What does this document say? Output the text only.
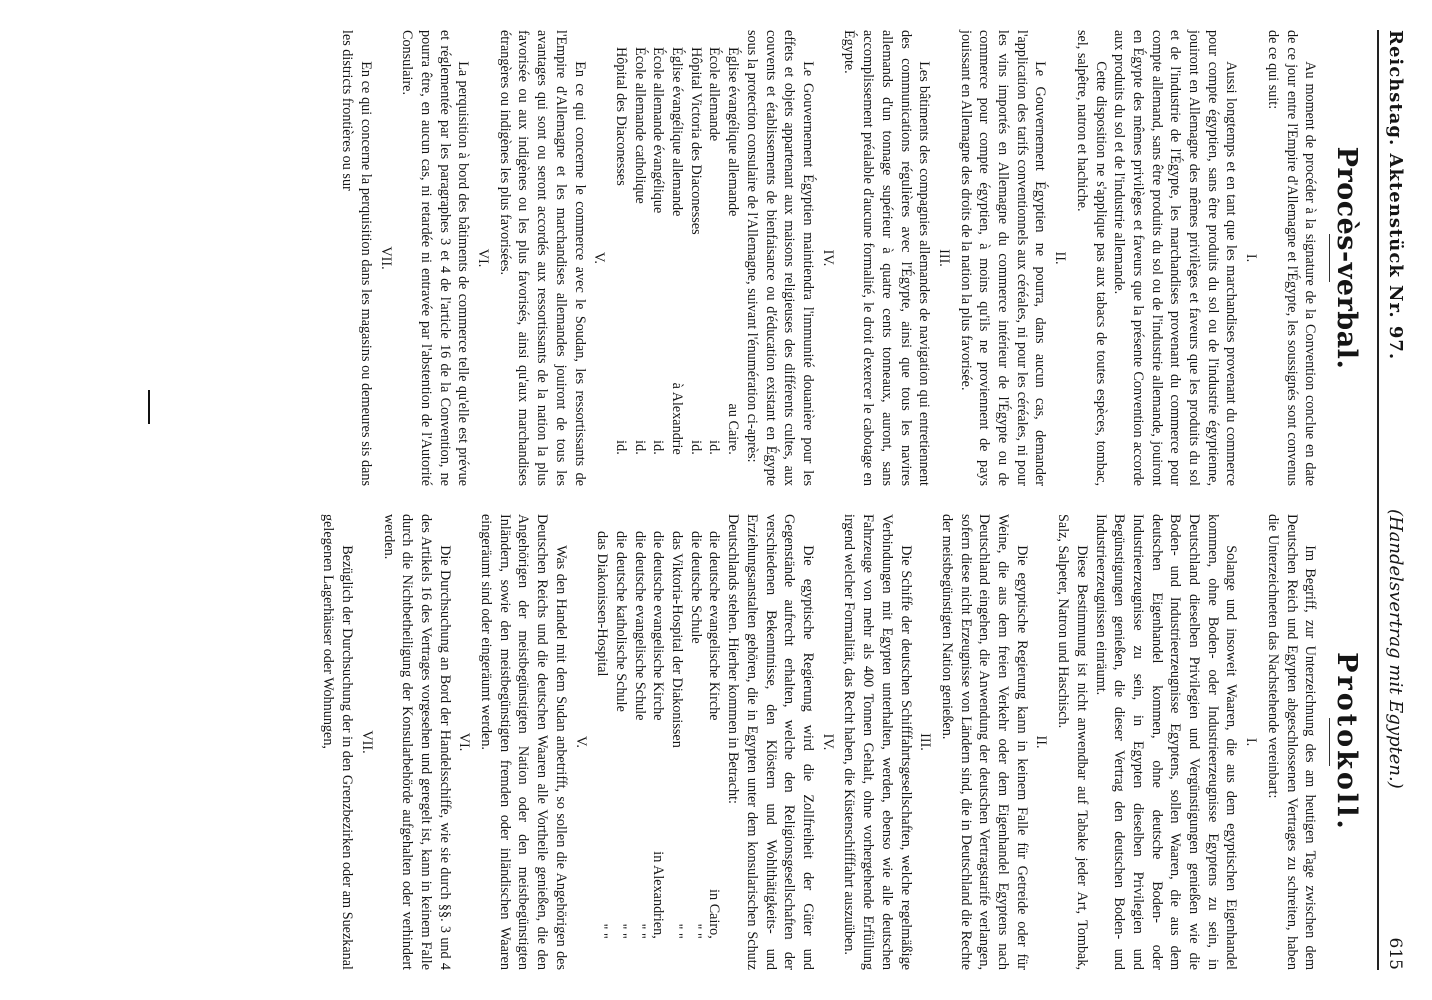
Reichstag. Aktenstück Nr. 97.
(Handelsvertrag mit Egypten.)
615
Procès-verbal.

Au moment de procéder à la signature de la Convention conclue en date de ce jour entre l'Empire d'Allemagne et l'Égypte, les soussignés sont convenus de ce qui suit:

I.

Aussi longtemps et en tant que les marchandises provenant du commerce pour compte égyptien, sans être produits du sol ou de l'industrie égyptienne, jouiront en Allemagne des mêmes privilèges et faveurs que les produits du sol et de l'industrie de l'Égypte, les marchandises provenant du commerce pour compte allemand, sans être produits du sol ou de l'industrie allemande, jouiront en Égypte des mêmes privilèges et faveurs que la présente Convention accorde aux produits du sol et de l'industrie allemande.

Cette disposition ne s'applique pas aux tabacs de toutes espèces, tombac, sel, salpêtre, natron et hachiche.

II.

Le Gouvernement Égyptien ne pourra, dans aucun cas, demander l'application des tarifs conventionnels aux céréales, ni pour les céréales, ni pour les vins importés en Allemagne du commerce intérieur de l'Égypte ou de commerce pour compte égyptien, à moins qu'ils ne proviennent de pays jouissant en Allemagne des droits de la nation la plus favorisée.

III.

Les bâtiments des compagnies allemandes de navigation qui entretiennent des communications régulières avec l'Égypte, ainsi que tous les navires allemands d'un tonnage supérieur à quatre cents tonneaux, auront, sans accomplissement préalable d'aucune formalité, le droit d'exercer le cabotage en Égypte.

IV.

Le Gouvernement Égyptien maintiendra l'immunité douanière pour les effets et objets appartenant aux maisons religieuses des différents cultes, aux couvents et établissements de bienfaisance ou d'éducation existant en Égypte sous la protection consulaire de l'Allemagne, suivant l'énumération ci-après:

Église évangélique allemande
au Caire.
École allemande
id.
Hôpital Victoria des Diaconesses
id.
Église évangélique allemande
à Alexandrie
École allemande évangélique
id.
École allemande catholique
id.
Hôpital des Diaconesses
id.
V.

En ce qui concerne le commerce avec le Soudan, les ressortissants de l'Empire d'Allemagne et les marchandises allemandes jouiront de tous les avantages qui sont ou seront accordés aux ressortissants de la nation la plus favorisée ou aux indigènes ou les plus favorisés, ainsi qu'aux marchandises étrangères ou indigènes les plus favorisées.

VI.

La perquisition à bord des bâtiments de commerce telle qu'elle est prévue et réglementée par les paragraphes 3 et 4 de l'article 16 de la Convention, ne pourra être, en aucun cas, ni retardée ni entravée par l'abstention de l'Autorité Consulaire.

VII.

En ce qui concerne la perquisition dans les magasins ou demeures sis dans les districts frontières ou sur

Protokoll.

Im Begriff, zur Unterzeichnung des am heutigen Tage zwischen dem Deutschen Reich und Egypten abgeschlossenen Vertrages zu schreiten, haben die Unterzeichneten das Nachstehende vereinbart:

I.

Solange und insoweit Waaren, die aus dem egyptischen Eigenhandel kommen, ohne Boden- oder Industrieerzeugnisse Egyptens zu sein, in Deutschland dieselben Privilegien und Vergünstigungen genießen wie die Boden- und Industrieerzeugnisse Egyptens, sollen Waaren, die aus dem deutschen Eigenhandel kommen, ohne deutsche Boden- oder Industrieerzeugnisse zu sein, in Egypten dieselben Privilegien und Begünstigungen genießen, die dieser Vertrag den deutschen Boden- und Industrieerzeugnissen einräumt.

Diese Bestimmung ist nicht anwendbar auf Tabake jeder Art, Tombak, Salz, Salpeter, Natron und Haschisch.

II.

Die egyptische Regierung kann in keinem Falle für Getreide oder für Weine, die aus dem freien Verkehr oder dem Eigenhandel Egyptens nach Deutschland eingehen, die Anwendung der deutschen Vertragstarife verlangen, sofern diese nicht Erzeugnisse von Ländern sind, die in Deutschland die Rechte der meistbegünstigten Nation genießen.

III.

Die Schiffe der deutschen Schifffahrtsgesellschaften, welche regelmäßige Verbindungen mit Egypten unterhalten, werden, ebenso wie alle deutschen Fahrzeuge von mehr als 400 Tonnen Gehalt, ohne vorhergehende Erfüllung irgend welcher Formalität, das Recht haben, die Küstenschifffahrt auszuüben.

IV.

Die egyptische Regierung wird die Zollfreiheit der Güter und Gegenstände aufrecht erhalten, welche den Religionsgesellschaften der verschiedenen Bekenntnisse, den Klöstern und Wohlthätigkeits- und Erziehungsanstalten gehören, die in Egypten unter dem konsularischen Schutz Deutschlands stehen. Hierher kommen in Betracht:

die deutsche evangelische Kirche
in Cairo,
die deutsche Schule
" "
das Viktoria-Hospital der Diakonissen
" "
die deutsche evangelische Kirche
in Alexandrien,
die deutsche evangelische Schule
" "
die deutsche katholische Schule
" "
das Diakonissen-Hospital
" "
V.

Was den Handel mit dem Sudan anbetrifft, so sollen die Angehörigen des Deutschen Reichs und die deutschen Waaren alle Vortheile genießen, die den Angehörigen der meistbegünstigten Nation oder den meistbegünstigten Inländern, sowie den meistbegünstigten fremden oder inländischen Waaren eingeräumt sind oder eingeräumt werden.

VI.

Die Durchsuchung an Bord der Handelsschiffe, wie sie durch §§. 3 und 4 des Artikels 16 des Vertrages vorgesehen und geregelt ist, kann in keinem Falle durch die Nichtbetheiligung der Konsularbehörde aufgehalten oder verhindert werden.

VII.

Bezüglich der Durchsuchung der in den Grenzbezirken oder am Suezkanal gelegenen Lagerhäuser oder Wohnungen,
